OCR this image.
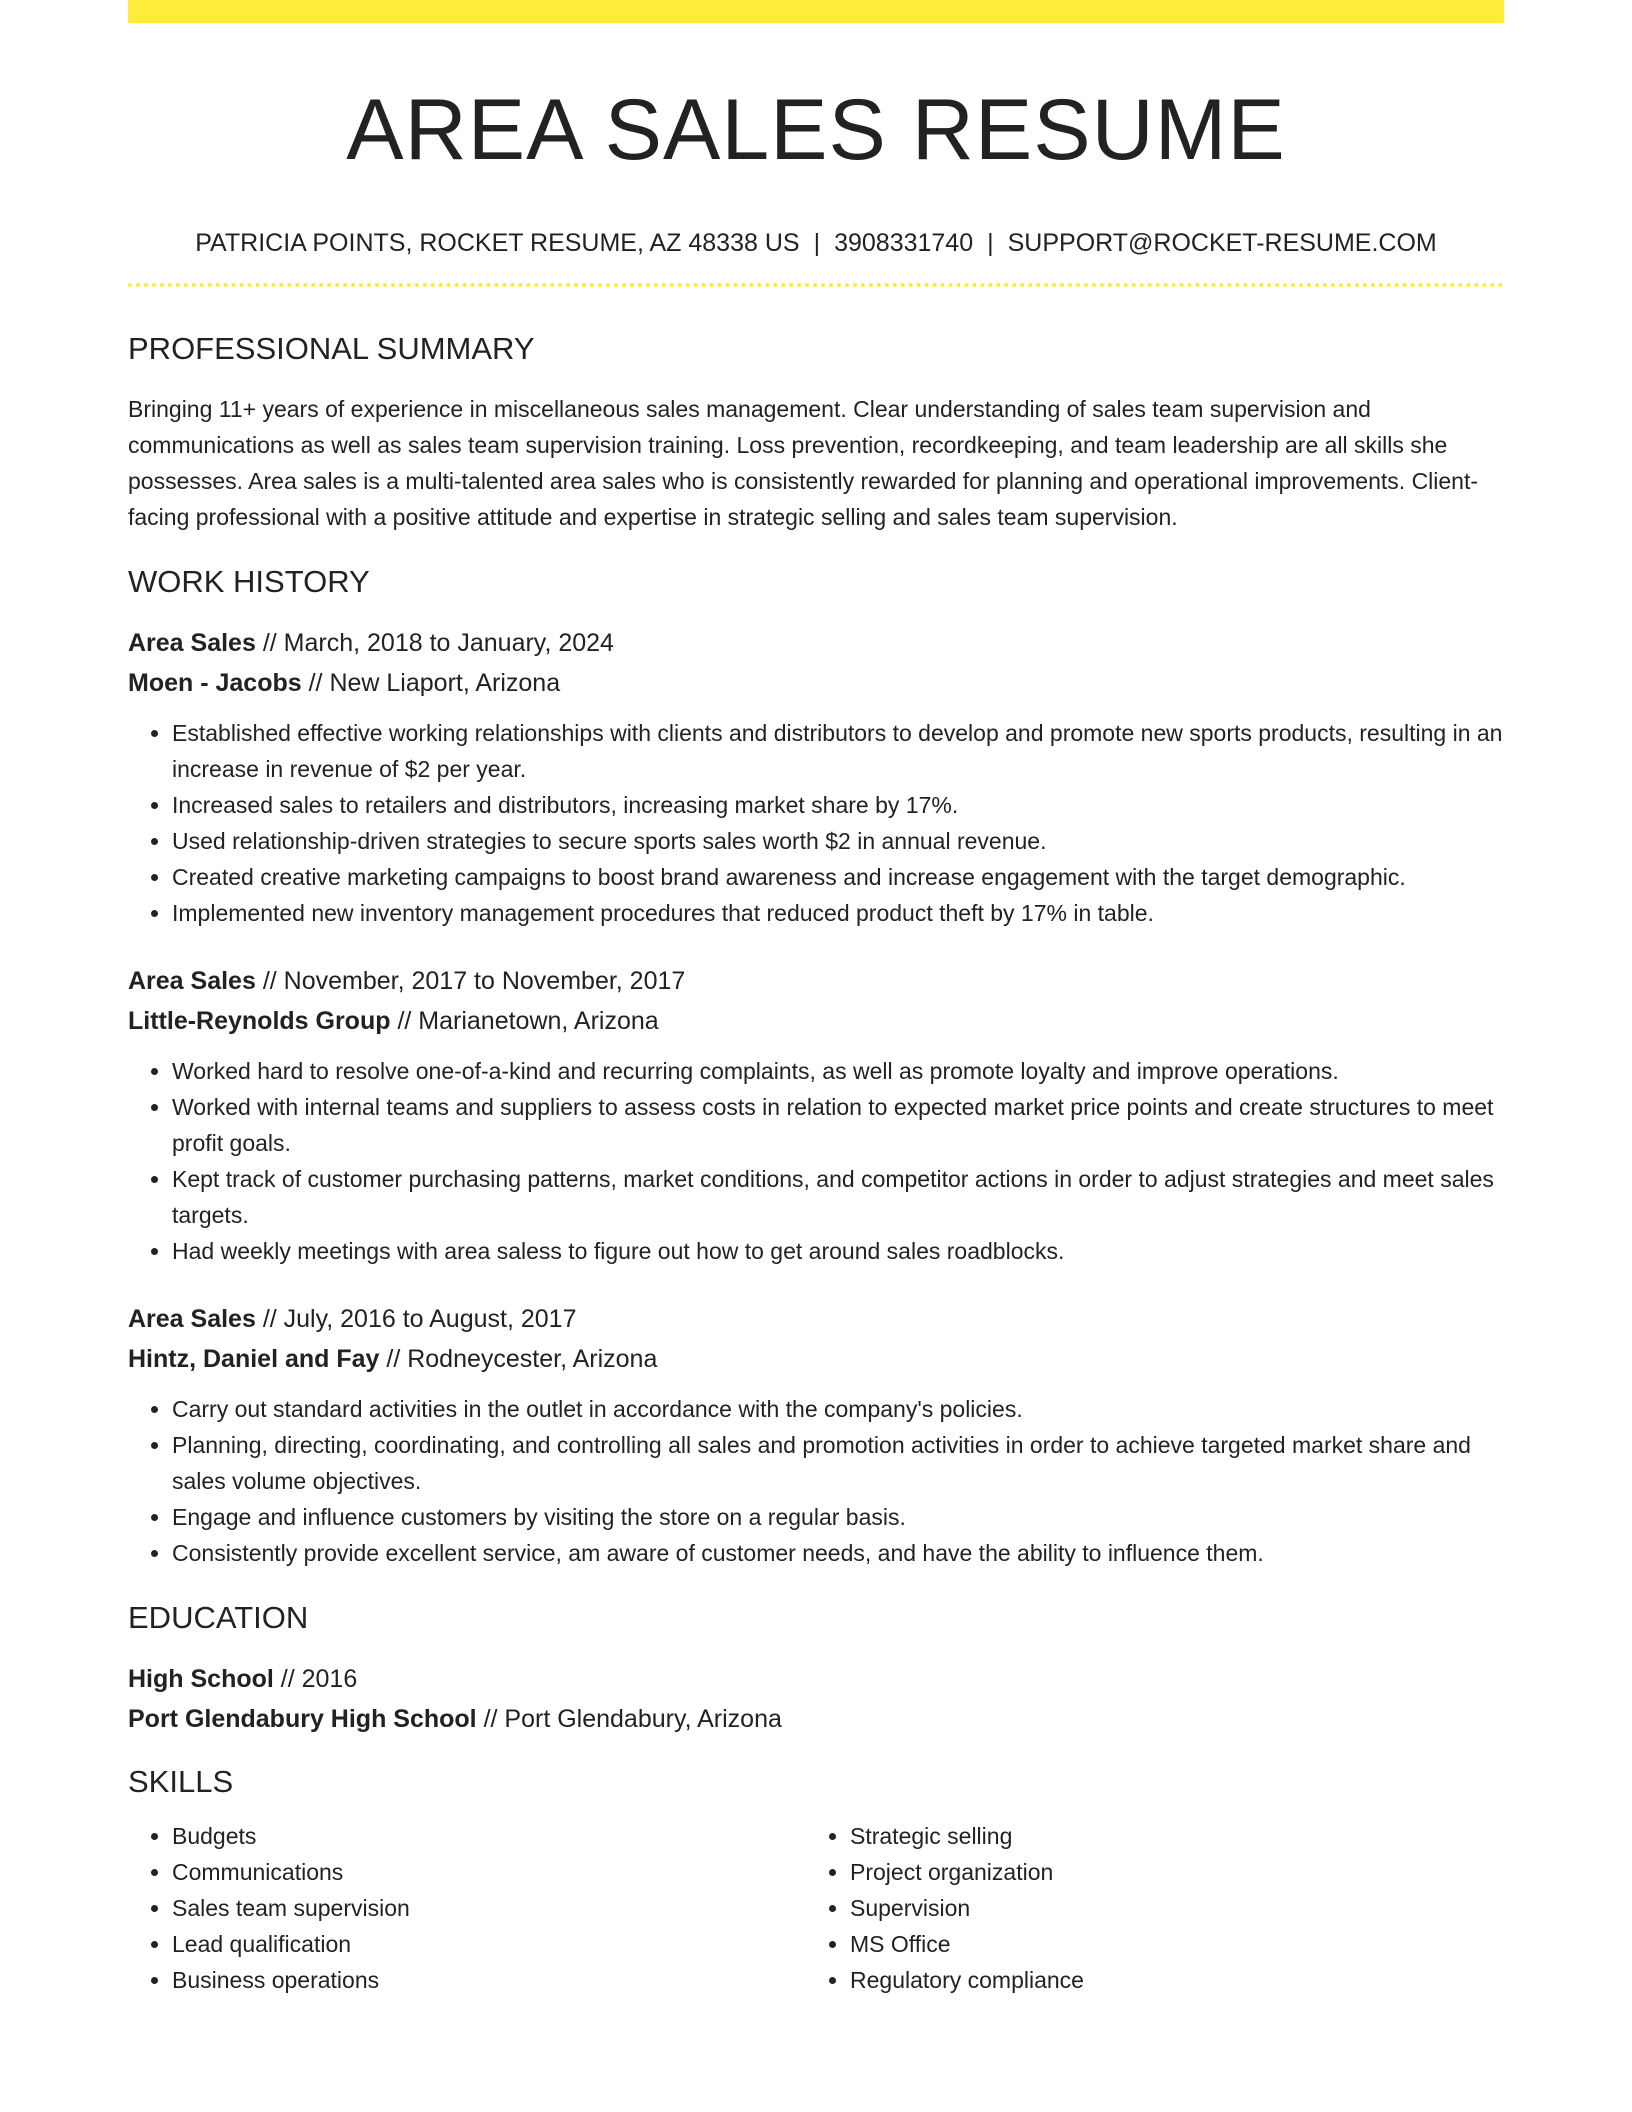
AREA SALES RESUME
PATRICIA POINTS, ROCKET RESUME, AZ 48338 US | 3908331740 | SUPPORT@ROCKET-RESUME.COM
PROFESSIONAL SUMMARY

Bringing 11+ years of experience in miscellaneous sales management. Clear understanding of sales team supervision and communications as well as sales team supervision training. Loss prevention, recordkeeping, and team leadership are all skills she possesses. Area sales is a multi-talented area sales who is consistently rewarded for planning and operational improvements. Client-facing professional with a positive attitude and expertise in strategic selling and sales team supervision.

WORK HISTORY
Area Sales // March, 2018 to January, 2024
Moen - Jacobs // New Liaport, Arizona
• Established effective working relationships with clients and distributors to develop and promote new sports products, resulting in an increase in revenue of $2 per year.
• Increased sales to retailers and distributors, increasing market share by 17%.
• Used relationship-driven strategies to secure sports sales worth $2 in annual revenue.
• Created creative marketing campaigns to boost brand awareness and increase engagement with the target demographic.
• Implemented new inventory management procedures that reduced product theft by 17% in table.
Area Sales // November, 2017 to November, 2017
Little-Reynolds Group // Marianetown, Arizona
• Worked hard to resolve one-of-a-kind and recurring complaints, as well as promote loyalty and improve operations.
• Worked with internal teams and suppliers to assess costs in relation to expected market price points and create structures to meet profit goals.
• Kept track of customer purchasing patterns, market conditions, and competitor actions in order to adjust strategies and meet sales targets.
• Had weekly meetings with area saless to figure out how to get around sales roadblocks.
Area Sales // July, 2016 to August, 2017
Hintz, Daniel and Fay // Rodneycester, Arizona
• Carry out standard activities in the outlet in accordance with the company's policies.
• Planning, directing, coordinating, and controlling all sales and promotion activities in order to achieve targeted market share and sales volume objectives.
• Engage and influence customers by visiting the store on a regular basis.
• Consistently provide excellent service, am aware of customer needs, and have the ability to influence them.
EDUCATION
High School // 2016
Port Glendabury High School // Port Glendabury, Arizona
SKILLS
• Budgets
• Communications
• Sales team supervision
• Lead qualification
• Business operations
• Strategic selling
• Project organization
• Supervision
• MS Office
• Regulatory compliance
